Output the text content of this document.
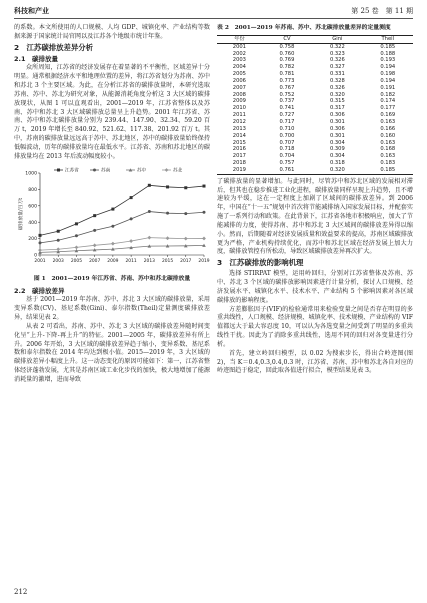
科技和产业	第 25 卷　第 11 期

的系数。本文所使用的人口规模、人均 GDP、城镇化率、产业结构等数据来源于国家统计局官网以及江苏各个地级市统计年鉴。

2　江苏碳排放差异分析
2.1　碳排放量

众所周知，江苏省的经济发展存在着显著的不平衡性，区域差异十分明显。通常根据经济水平和地理位置的差异，将江苏省划分为苏南、苏中和苏北 3 个主要区域。为此，在分析江苏省的碳排放量时，本研究选取苏南、苏中、苏北为研究对象，从能源消耗角度分析这 3 大区域的碳排放现状，从图 1 可以直观看出，2001—2019 年，江苏省整体以及苏南、苏中和苏北 3 大区域碳排放总量呈上升趋势。2001 年江苏省、苏南、苏中和苏北碳排放量分别为 239.44、147.90、32.34、59.20 百万 t，2019 年增长至 840.92、521.62、117.38、201.92 百万 t。其中，苏南的碳排放量远远高于苏中、苏北地区，苏中的碳排放量始终保持低幅波动，历年的碳排放量均在最低水平。江苏省、苏南和苏北地区的碳排放量均在 2013 年后波动幅度较小。

0
200
400
600
800
1000
2001 2003 2005 2007 2009 2011 2013 2015 2017 2019
碳排放量/百万t
江苏省	苏南	苏中	苏北
图 1　2001—2019 年江苏省、苏南、苏中和苏北碳排放量
2.2　碳排放差异

基于 2001—2019 年苏南、苏中、苏北 3 大区域的碳排放量，采用变异系数(CV)、基尼系数(Gini)、泰尔指数(Theil)定量测度碳排放差异，结果见表 2。

从表 2 可看出，苏南、苏中、苏北 3 大区域的碳排放差异随时间变化呈“上升-下降-再上升”的特征。2001—2005 年，碳排放差异有所上升。2006 年开始，3 大区域的碳排放差异趋于缩小，变异系数、基尼系数和泰尔指数在 2014 年均达到极小值。2015—2019 年，3 大区域的碳排放差异小幅度上升。这一动态变化的原因可能如下：第一，江苏省整体经济蓬勃发展，尤其是苏南区域工业化步伐的加快，极大地增加了能源消耗量的激增，进而导致

表 2　2001—2019 年苏南、苏中、苏北碳排放量差异的定量测度
年份	CV	Gini	Theil
2001	0.758	0.322	0.185
2002	0.760	0.323	0.188
2003	0.769	0.326	0.193
2004	0.782	0.327	0.194
2005	0.781	0.331	0.198
2006	0.773	0.328	0.194
2007	0.767	0.326	0.191
2008	0.752	0.320	0.182
2009	0.737	0.315	0.174
2010	0.741	0.317	0.177
2011	0.727	0.306	0.169
2012	0.717	0.301	0.163
2013	0.710	0.306	0.166
2014	0.700	0.301	0.160
2015	0.707	0.304	0.163
2016	0.718	0.309	0.168
2017	0.704	0.304	0.163
2018	0.757	0.318	0.183
2019	0.761	0.320	0.185

了碳排放量的显著增加。与此同时，尽管苏中和苏北区域的发展相对滞后，但其也在稳步推进工业化进程，碳排放量同样呈现上升趋势，且不增速较为平缓，这在一定程度上加剧了区域间的碳排放差异。到 2006 年，中国在“十一五”规划中首次将节能减排纳入国家发展目标，并配套实施了一系列行动和政策。在此背景下，江苏省各地市积极响应，加大了节能减排的力度，使得苏南、苏中和苏北 3 大区域间的碳排放差异得以缩小。然而，后期随着对经济发展质量和效益要求的提高，苏南区域碳排放更为严格，产业机构持续优化，而苏中和苏北区域在经济发展上加大力度，碳排放管控有所松动，导致区域碳排放差异再次扩大。

3　江苏碳排放的影响机理

选择 STIRPAT 模型，运用岭回归，分别对江苏省整体及苏南、苏中、苏北 3 个区域的碳排放影响因素进行计量分析，探讨人口规模、经济发展水平、城镇化水平、技术水平、产业结构 5 个影响因素对各区域碳排放的影响程度。

方差膨胀因子(VIF)的检验通常用来检验变量之间是否存在明显的多重共线性，人口规模、经济规模、城镇化率、技术规模、产业结构的 VIF 值都远大于最大容忍度 10，可以认为各选变量之间受到了明显的多重共线性干扰。因此为了消除多重共线性，选用不同的回归对各变量进行分析。

首先，建立岭回归模型，以 0.02 为搜索步长，得出合岭迹图(图 2)，当 K＝0.4,0.3,0.4,0.3 时，江苏省、苏南、苏中和苏北各自对应的岭迹图趋于稳定，回此取各值进行拟合，模型结果见表 3。

212
